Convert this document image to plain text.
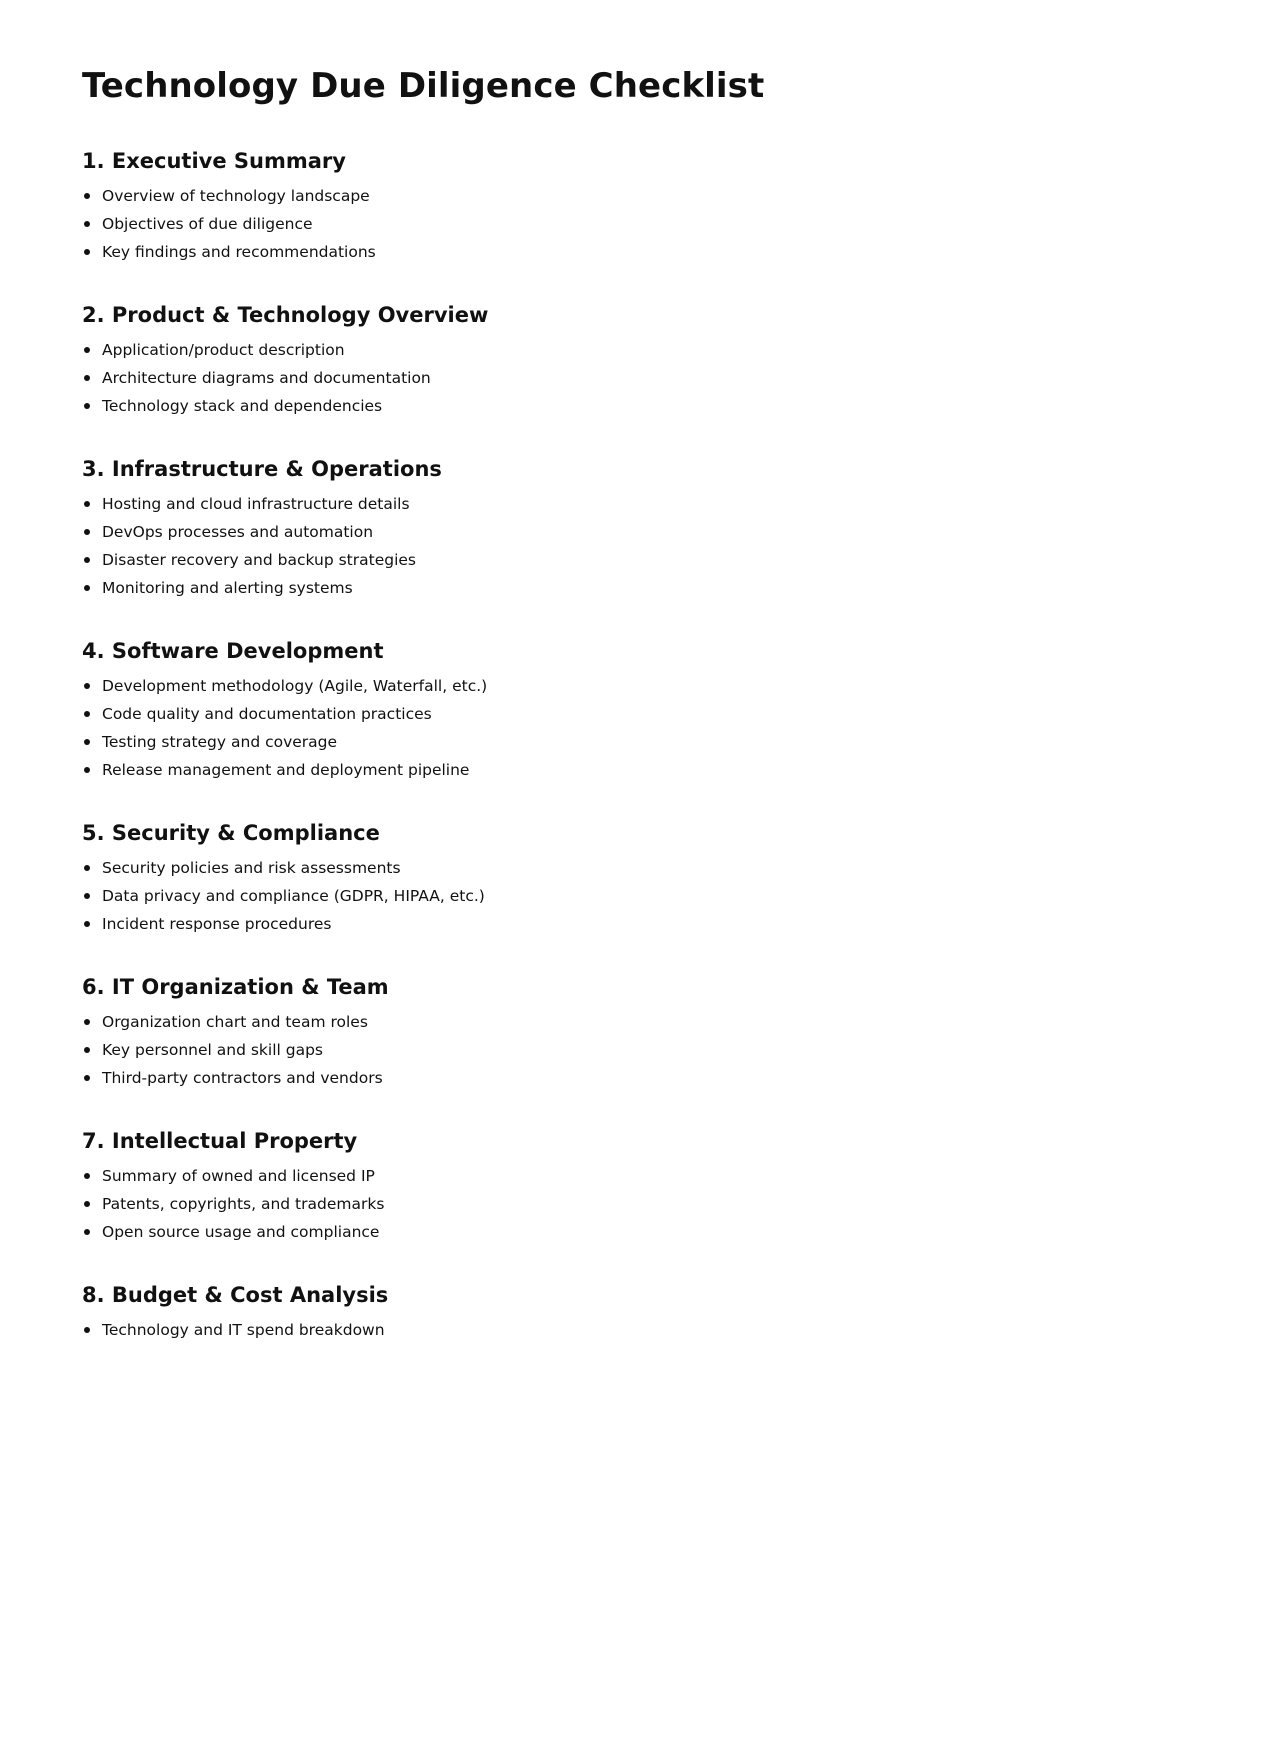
Technology Due Diligence Checklist
1. Executive Summary
Overview of technology landscape
Objectives of due diligence
Key findings and recommendations
2. Product & Technology Overview
Application/product description
Architecture diagrams and documentation
Technology stack and dependencies
3. Infrastructure & Operations
Hosting and cloud infrastructure details
DevOps processes and automation
Disaster recovery and backup strategies
Monitoring and alerting systems
4. Software Development
Development methodology (Agile, Waterfall, etc.)
Code quality and documentation practices
Testing strategy and coverage
Release management and deployment pipeline
5. Security & Compliance
Security policies and risk assessments
Data privacy and compliance (GDPR, HIPAA, etc.)
Incident response procedures
6. IT Organization & Team
Organization chart and team roles
Key personnel and skill gaps
Third-party contractors and vendors
7. Intellectual Property
Summary of owned and licensed IP
Patents, copyrights, and trademarks
Open source usage and compliance
8. Budget & Cost Analysis
Technology and IT spend breakdown
